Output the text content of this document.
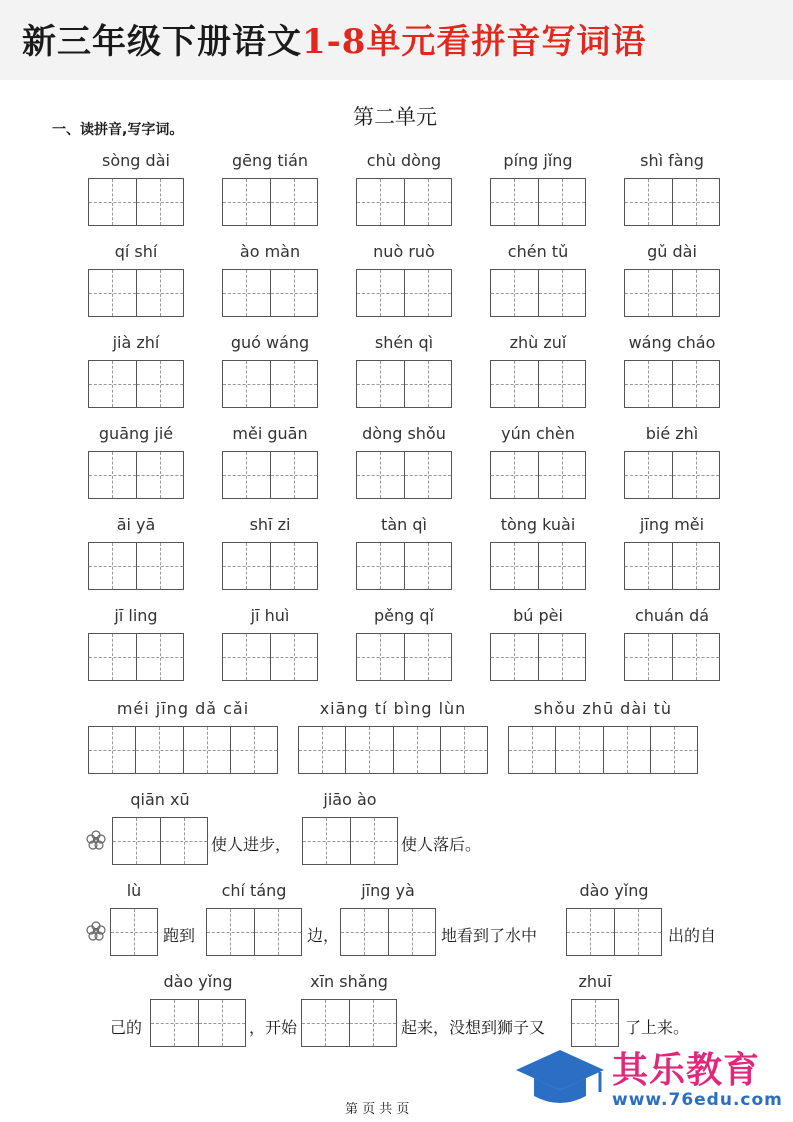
新三年级下册语文1-8单元看拼音写词语
第二单元
一、读拼音,写字词。
sòng dài	gēng tián	chù dòng	píng jǐng	shì fàng
qí shí	ào màn	nuò ruò	chén tǔ	gǔ dài
jià zhí	guó wáng	shén qì	zhù zuǐ	wáng cháo
guāng jié	měi guān	dòng shǒu	yún chèn	bié zhì
āi yā	shī zi	tàn qì	tòng kuài	jīng měi
jī ling	jī huì	pěng qǐ	bú pèi	chuán dá
méi jīng dǎ cǎi	xiāng tí bìng lùn	shǒu zhū dài tù
qiān xū
使人进步，
jiāo ào
使人落后。
lù
跑到
chí táng
边，
jīng yà
地看到了水中
dào yǐng
出的自
己的
dào yǐng
，开始
xīn shǎng
起来，没想到狮子又
zhuī
了上来。
其乐教育
www.76edu.com
第 页 共 页
